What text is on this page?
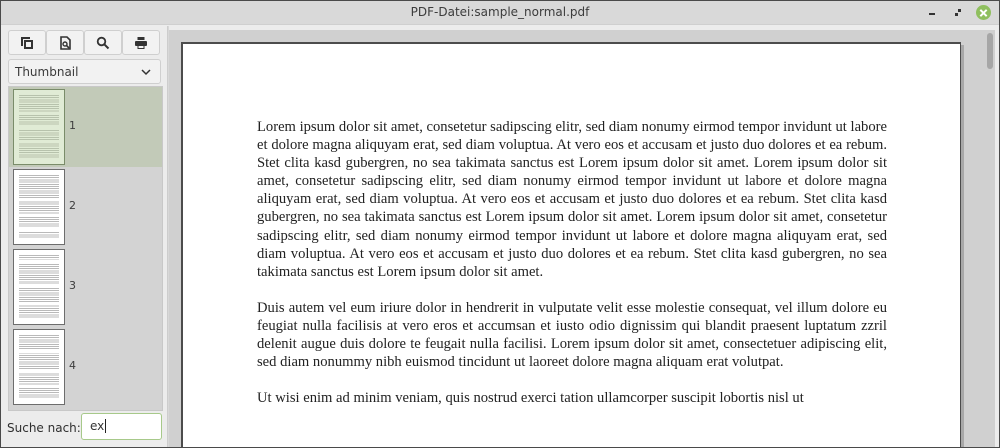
PDF-Datei:sample_normal.pdf
Thumbnail
1
2
3
4
Suche nach: ex

Lorem ipsum dolor sit amet, consetetur sadipscing elitr, sed diam nonumy eirmod tempor invidunt ut labore et dolore magna aliquyam erat, sed diam voluptua. At vero eos et accusam et justo duo dolores et ea rebum. Stet clita kasd gubergren, no sea takimata sanctus est Lorem ipsum dolor sit amet. Lorem ipsum dolor sit amet, consetetur sadipscing elitr, sed diam nonumy eirmod tempor invidunt ut labore et dolore magna aliquyam erat, sed diam voluptua. At vero eos et accusam et justo duo dolores et ea rebum. Stet clita kasd gubergren, no sea takimata sanctus est Lorem ipsum dolor sit amet. Lorem ipsum dolor sit amet, consetetur sadipscing elitr, sed diam nonumy eirmod tempor invidunt ut labore et dolore magna aliquyam erat, sed diam voluptua. At vero eos et accusam et justo duo dolores et ea rebum. Stet clita kasd gubergren, no sea takimata sanctus est Lorem ipsum dolor sit amet.

Duis autem vel eum iriure dolor in hendrerit in vulputate velit esse molestie consequat, vel illum dolore eu feugiat nulla facilisis at vero eros et accumsan et iusto odio dignissim qui blandit praesent luptatum zzril delenit augue duis dolore te feugait nulla facilisi. Lorem ipsum dolor sit amet, consectetuer adipiscing elit, sed diam nonummy nibh euismod tincidunt ut laoreet dolore magna aliquam erat volutpat.

Ut wisi enim ad minim veniam, quis nostrud exerci tation ullamcorper suscipit lobortis nisl ut
